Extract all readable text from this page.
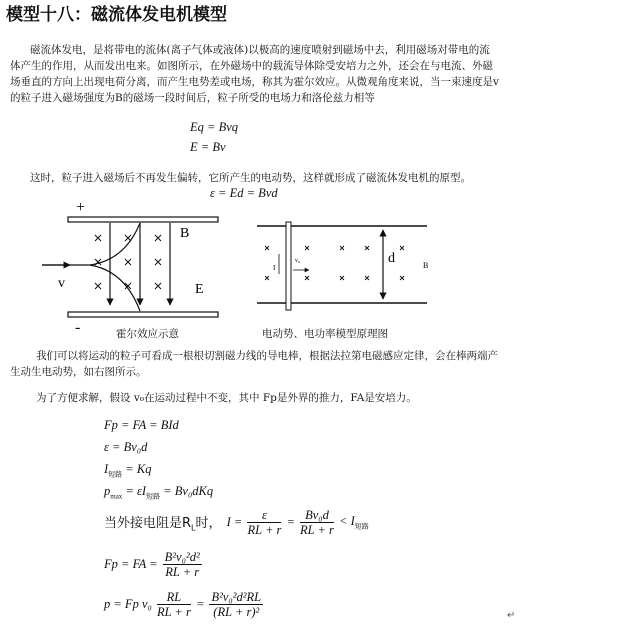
模型十八：磁流体发电机模型
磁流体发电，是将带电的流体(离子气体或液体)以极高的速度喷射到磁场中去，利用磁场对带电的流体产生的作用，从而发出电来。如图所示，在外磁场中的载流导体除受安培力之外，还会在与电流、外磁场垂直的方向上出现电荷分离，而产生电势差或电场，称其为霍尔效应。从微观角度来说，当一束速度是v的粒子进入磁场强度为B的磁场一段时间后，粒子所受的电场力和洛伦兹力相等
Eq = Bvq
E = Bv
这时，粒子进入磁场后不再发生偏转，它所产生的电动势，这样就形成了磁流体发电机的原型。
ε = Ed = Bvd
+
B
v	E
-	霍尔效应示意
d	B
I
v₀
电动势、电功率模型原理图
我们可以将运动的粒子可看成一根根切割磁力线的导电棒，根据法拉第电磁感应定律，会在棒两端产生动生电动势，如右图所示。
为了方便求解，假设 v₀在运动过程中不变，其中 Fp是外界的推力，FA是安培力。
Fp = FA = BId
ε = Bv₀d
$I_{短路} = Kq$
$p_{max} = \varepsilon I_{短路} = Bv_0dKq$
当外接电阻是$R_L$时， $I = \frac{\varepsilon}{RL + r} = \frac{\text{Bv₀d}}{RL + r} < I_{短路}$
Fp = FA = $\frac{\text{B²v₀²d²}}{RL + r}$
p = Fp $v_0 \frac{RL}{RL + r} = \frac{\text{B²v₀²d²RL}}{\text{(RL + r)²}}$	↵
